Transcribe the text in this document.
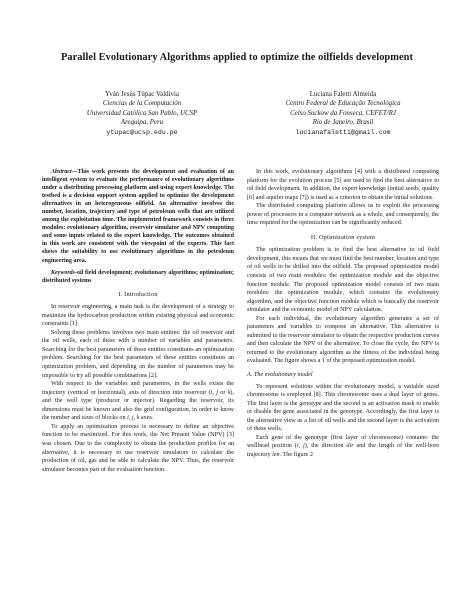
Parallel Evolutionary Algorithms applied to optimize the oilfields development
Yván Jesús Túpac Valdivia
Ciencias de la Computación
Universidad Católica San Pablo, UCSP
Arequipa, Peru
ytupac@ucsp.edu.pe
Luciana Faletti Almeida
Centro Federal de Educação Tecnológica
Celso Suckow da Fonseca, CEFET/RJ
Rio de Janeiro, Brasil
lucianafaletti@gmail.com

Abstract—This work presents the development and evaluation of an intelligent system to evaluate the performance of evolutionary algorithms under a distributing processing platform and using expert knowledge. The testbed is a decision support system applied to optimize the development alternatives in an heterogeneous oilfield. An alternative involves the number, location, trajectory and type of petroleum wells that are utilized among the exploitation time. The implemented framework consists in three modules: evolutionary algorithm, reservoir simulator and NPV computing and some inputs related to the expert knowledge. The outcomes obtained in this work are consistent with the viewpoint of the experts. This fact shows the suitability to use evolutionary algorithms in the petroleum engineering area.

Keywords-oil field development; evolutionary algorithms; optimization; distributed systems

I. Introduction

In reservoir engineering, a main task is the development of a strategy to maximize the hydrocarbon production within existing physical and economic constraints [1].

Solving these problems involves two main entities: the oil reservoir and the oil wells, each of these with a number of variables and parameters. Searching for the best parameters of these entities constitutes an optimization problem. Searching for the best parameters of these entities constitutes an optimization problem, and depending on the number of parameters may be impossible to try all possible combinations [2].

With respect to the variables and parameters, in the wells exists the trajectory (vertical or horizontal), axis of direction into reservoir (i, j or k), and the well type (producer or injector). Regarding the reservoir, its dimensions must be known and also the grid configuration, in order to know the number and sizes of blocks on i, j, k axes.

To apply an optimization process is necessary to define an objective function to be maximized. For this work, the Net Present Value (NPV) [3] was chosen. Due to the complexity to obtain the production profiles for an alternative, it is necessary to use reservoir simulators to calculate the production of oil, gas and be able to calculate the NPV. Thus, the reservoir simulator becomes part of the evaluation function.

In this work, evolutionary algorithms [4] with a distributed computing platform for the evolution process [5] are used to find the best alternative to oil field development. In addition, the expert knowledge (initial seeds, quality [6] and aquifer maps [7]) is used as a criterion to obtain the initial solutions.

The distributed computing platform allows us to exploit the processing power of processors in a computer network as a whole, and consequently, the time required for the optimization can be significantly reduced.

II. Optimization system

The optimization problem is to find the best alternative to oil field development, this means that we must find the best number, location and type of oil wells to be drilled into the oilfield. The proposed optimization model consists of two main modules: the optimization module and the objective function module. The proposed optimization model consists of two main modules: the optimization module, which contains the evolutionary algorithm, and the objective function module which is basically the reservoir simulator and the economic model of NPV calculation.

For each individual, the evolutionary algorithm generates a set of parameters and variables to compose an alternative. This alternative is submitted to the reservoir simulator to obtain the respective production curves and then calculate the NPV of the alternative. To close the cycle, the NPV is returned to the evolutionary algorithm as the fitness of the individual being evaluated. The figure shows a 1 of the proposed optimization model.

A. The evolutionary model

To represent solutions within the evolutionary model, a variable sized chromosome is employed [8]. This chromosome uses a dual layer of genes. The first layer is the genotype and the second is an activation mask to enable or disable the gene associated in the genotype. Accordingly, the first layer is the alternative view as a list of oil wells and the second layer is the activation of these wells.

Each gene of the genotype (first layer of chromosome) contains: the wellhead position (i, j), the direction dir and the length of the well-bore trajectory len. The figure 2
